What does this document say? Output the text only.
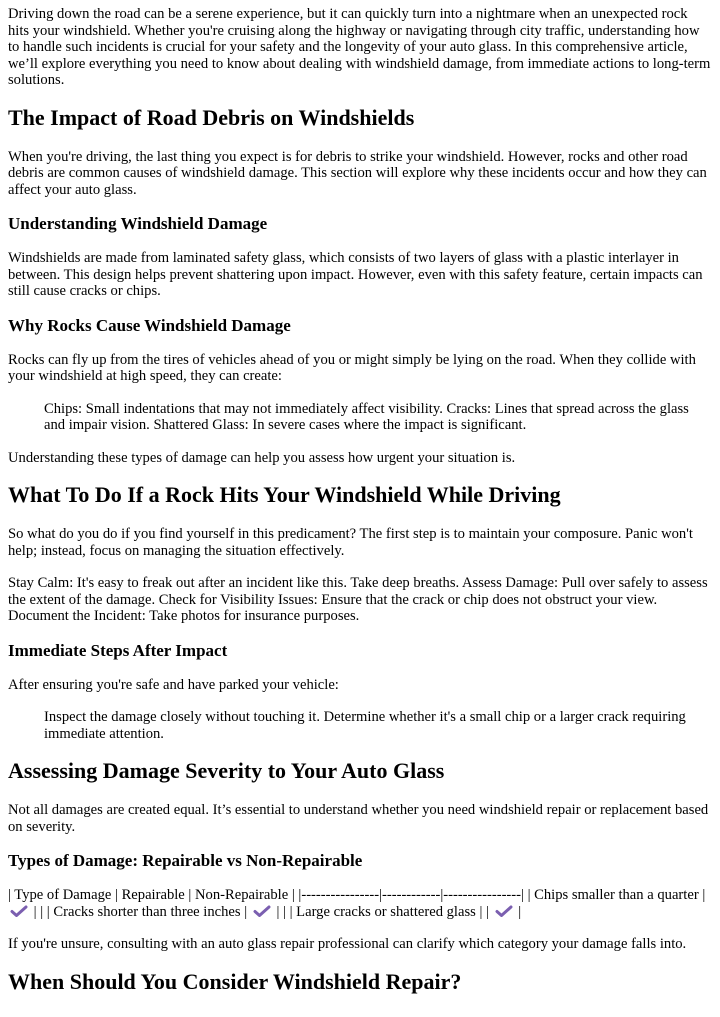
Driving down the road can be a serene experience, but it can quickly turn into a nightmare when an unexpected rock hits your windshield. Whether you're cruising along the highway or navigating through city traffic, understanding how to handle such incidents is crucial for your safety and the longevity of your auto glass. In this comprehensive article, we’ll explore everything you need to know about dealing with windshield damage, from immediate actions to long-term solutions.

The Impact of Road Debris on Windshields

When you're driving, the last thing you expect is for debris to strike your windshield. However, rocks and other road debris are common causes of windshield damage. This section will explore why these incidents occur and how they can affect your auto glass.

Understanding Windshield Damage

Windshields are made from laminated safety glass, which consists of two layers of glass with a plastic interlayer in between. This design helps prevent shattering upon impact. However, even with this safety feature, certain impacts can still cause cracks or chips.

Why Rocks Cause Windshield Damage

Rocks can fly up from the tires of vehicles ahead of you or might simply be lying on the road. When they collide with your windshield at high speed, they can create:

Chips: Small indentations that may not immediately affect visibility. Cracks: Lines that spread across the glass and impair vision. Shattered Glass: In severe cases where the impact is significant.

Understanding these types of damage can help you assess how urgent your situation is.

What To Do If a Rock Hits Your Windshield While Driving

So what do you do if you find yourself in this predicament? The first step is to maintain your composure. Panic won't help; instead, focus on managing the situation effectively.

Stay Calm: It's easy to freak out after an incident like this. Take deep breaths. Assess Damage: Pull over safely to assess the extent of the damage. Check for Visibility Issues: Ensure that the crack or chip does not obstruct your view. Document the Incident: Take photos for insurance purposes.

Immediate Steps After Impact

After ensuring you're safe and have parked your vehicle:

Inspect the damage closely without touching it. Determine whether it's a small chip or a larger crack requiring immediate attention.
Assessing Damage Severity to Your Auto Glass

Not all damages are created equal. It’s essential to understand whether you need windshield repair or replacement based on severity.

Types of Damage: Repairable vs Non-Repairable

| Type of Damage | Repairable | Non-Repairable | |----------------|------------|----------------| | Chips smaller than a quarter |
| | | Cracks shorter than three inches | | | | Large cracks or shattered glass | | |

If you're unsure, consulting with an auto glass repair professional can clarify which category your damage falls into.

When Should You Consider Windshield Repair?
